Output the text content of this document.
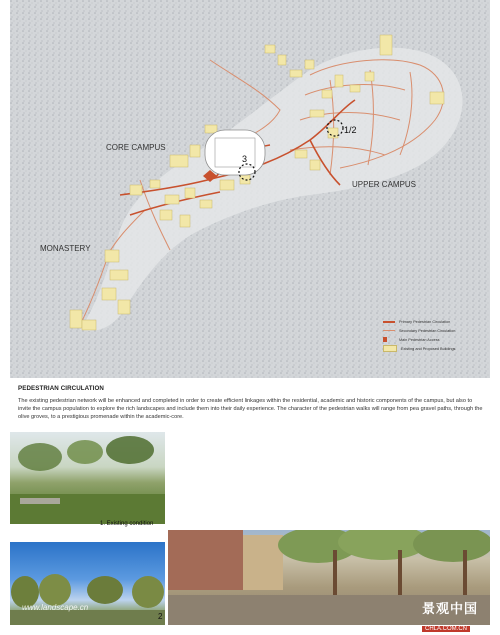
CORE CAMPUS
UPPER CAMPUS
MONASTERY
1/2
3
Primary Pedestrian Circulation
Secondary Pedestrian Circulation
Main Pedestrian Access
Existing and Proposed Buildings
PEDESTRIAN CIRCULATION
The existing pedestrian network will be enhanced and completed in order to create efficient linkages within the residential, academic and historic components of the campus, but also to invite the campus population to explore the rich landscapes and include them into their daily experience. The character of the pedestrian walks will range from pea gravel paths, through the olive groves, to a prestigious promenade within the academic-core.
1. Existing condition
www.landscape.cn
2
景观中国
CHLA.COM.CN
